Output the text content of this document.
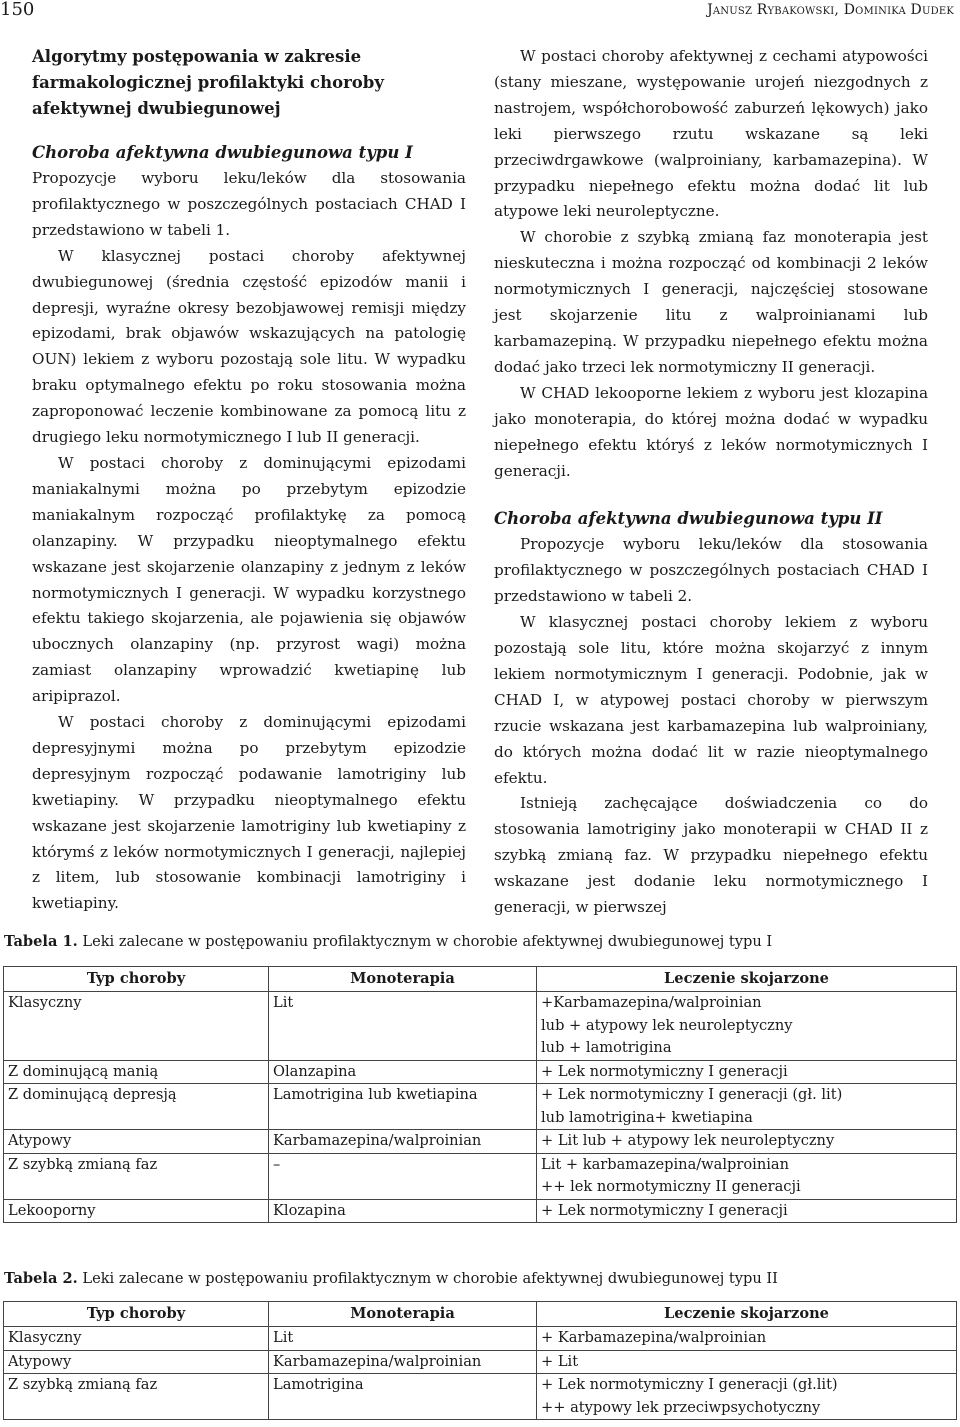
150	Janusz Rybakowski, Dominika Dudek
Algorytmy postępowania w zakresie farmakologicznej profilaktyki choroby afektywnej dwubiegunowej
Choroba afektywna dwubiegunowa typu I

Propozycje wyboru leku/leków dla stosowania profilaktycznego w poszczególnych postaciach CHAD I przedstawiono w tabeli 1.

W klasycznej postaci choroby afektywnej dwubiegunowej (średnia częstość epizodów manii i depresji, wyraźne okresy bezobjawowej remisji między epizodami, brak objawów wskazujących na patologię OUN) lekiem z wyboru pozostają sole litu. W wypadku braku optymalnego efektu po roku stosowania można zaproponować leczenie kombinowane za pomocą litu z drugiego leku normotymicznego I lub II generacji.

W postaci choroby z dominującymi epizodami maniakalnymi można po przebytym epizodzie maniakalnym rozpocząć profilaktykę za pomocą olanzapiny. W przypadku nieoptymalnego efektu wskazane jest skojarzenie olanzapiny z jednym z leków normotymicznych I generacji. W wypadku korzystnego efektu takiego skojarzenia, ale pojawienia się objawów ubocznych olanzapiny (np. przyrost wagi) można zamiast olanzapiny wprowadzić kwetiapinę lub aripiprazol.

W postaci choroby z dominującymi epizodami depresyjnymi można po przebytym epizodzie depresyjnym rozpocząć podawanie lamotriginy lub kwetiapiny. W przypadku nieoptymalnego efektu wskazane jest skojarzenie lamotriginy lub kwetiapiny z którymś z leków normotymicznych I generacji, najlepiej z litem, lub stosowanie kombinacji lamotriginy i kwetiapiny.

W postaci choroby afektywnej z cechami atypowości (stany mieszane, występowanie urojeń niezgodnych z nastrojem, współchorobowość zaburzeń lękowych) jako leki pierwszego rzutu wskazane są leki przeciwdrgawkowe (walproiniany, karbamazepina). W przypadku niepełnego efektu można dodać lit lub atypowe leki neuroleptyczne.

W chorobie z szybką zmianą faz monoterapia jest nieskuteczna i można rozpocząć od kombinacji 2 leków normotymicznych I generacji, najczęściej stosowane jest skojarzenie litu z walproinianami lub karbamazepiną. W przypadku niepełnego efektu można dodać jako trzeci lek normotymiczny II generacji.

W CHAD lekooporne lekiem z wyboru jest klozapina jako monoterapia, do której można dodać w wypadku niepełnego efektu któryś z leków normotymicznych I generacji.

Choroba afektywna dwubiegunowa typu II

Propozycje wyboru leku/leków dla stosowania profilaktycznego w poszczególnych postaciach CHAD I przedstawiono w tabeli 2.

W klasycznej postaci choroby lekiem z wyboru pozostają sole litu, które można skojarzyć z innym lekiem normotymicznym I generacji. Podobnie, jak w CHAD I, w atypowej postaci choroby w pierwszym rzucie wskazana jest karbamazepina lub walproiniany, do których można dodać lit w razie nieoptymalnego efektu.

Istnieją zachęcające doświadczenia co do stosowania lamotriginy jako monoterapii w CHAD II z szybką zmianą faz. W przypadku niepełnego efektu wskazane jest dodanie leku normotymicznego I generacji, w pierwszej

Tabela 1. Leki zalecane w postępowaniu profilaktycznym w chorobie afektywnej dwubiegunowej typu I
Typ choroby	Monoterapia	Leczenie skojarzone
Klasyczny	Lit	+Karbamazepina/walproinian
lub + atypowy lek neuroleptyczny
lub + lamotrigina

Z dominującą manią	Olanzapina	+ Lek normotymiczny I generacji

Z dominującą depresją	Lamotrigina lub kwetiapina	+ Lek normotymiczny I generacji (gł. lit)
lub lamotrigina+ kwetiapina

Atypowy	Karbamazepina/walproinian	+ Lit lub + atypowy lek neuroleptyczny

Z szybką zmianą faz	–	Lit + karbamazepina/walproinian
++ lek normotymiczny II generacji

Lekooporny	Klozapina	+ Lek normotymiczny I generacji
Tabela 2. Leki zalecane w postępowaniu profilaktycznym w chorobie afektywnej dwubiegunowej typu II
Typ choroby	Monoterapia	Leczenie skojarzone
Klasyczny	Lit	+ Karbamazepina/walproinian

Atypowy	Karbamazepina/walproinian	+ Lit

Z szybką zmianą faz	Lamotrigina	+ Lek normotymiczny I generacji (gł.lit)
++ atypowy lek przeciwpsychotyczny
